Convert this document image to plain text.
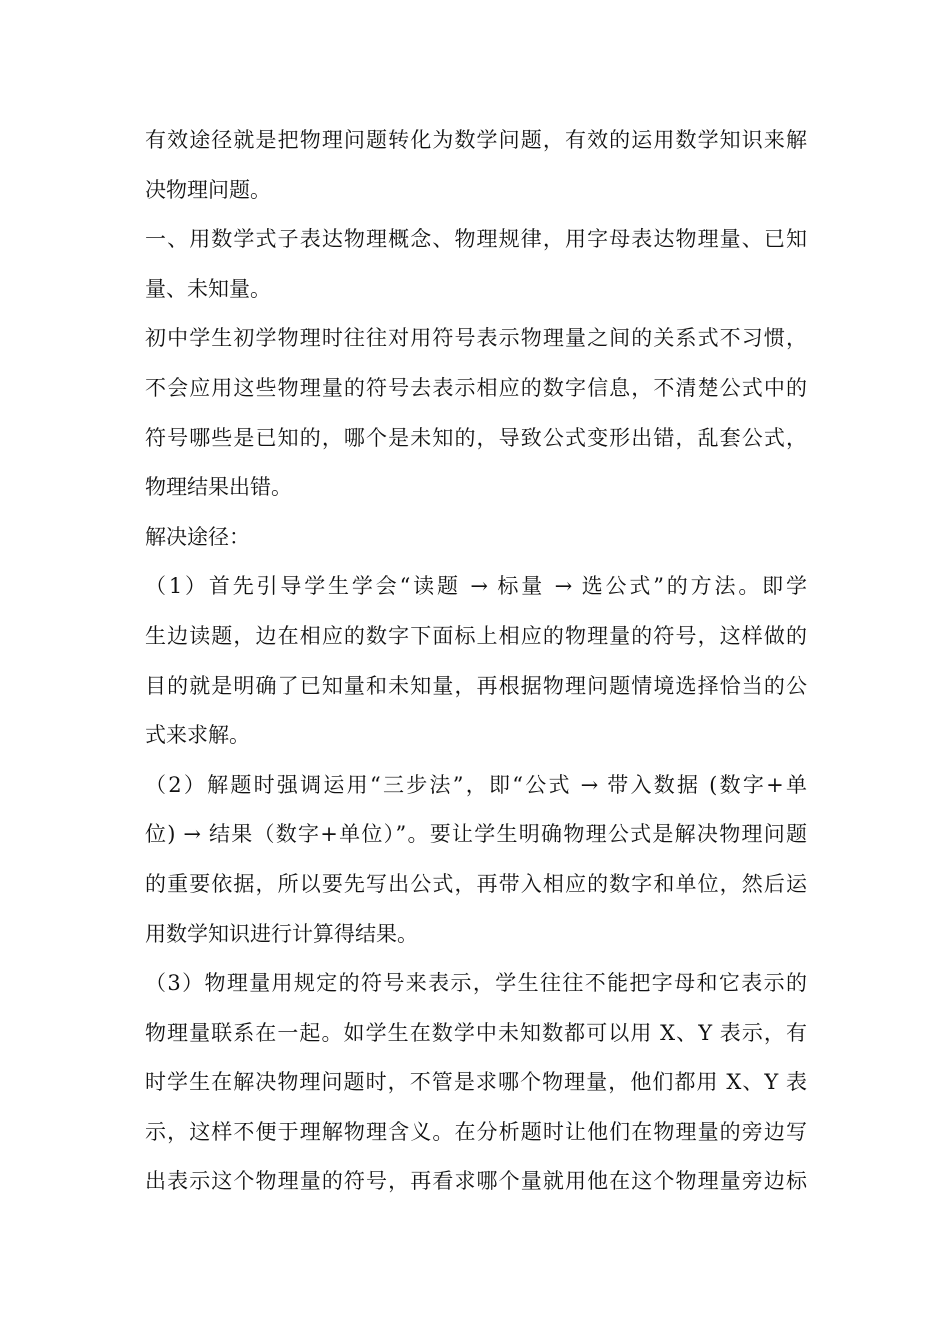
有效途径就是把物理问题转化为数学问题，有效的运用数学知识来解
决物理问题。
一、用数学式子表达物理概念、物理规律，用字母表达物理量、已知
量、未知量。
初中学生初学物理时往往对用符号表示物理量之间的关系式不习惯，
不会应用这些物理量的符号去表示相应的数字信息，不清楚公式中的
符号哪些是已知的，哪个是未知的，导致公式变形出错，乱套公式，
物理结果出错。
解决途径：
（1）首先引导学生学会“读题 → 标量 → 选公式”的方法。即学
生边读题，边在相应的数字下面标上相应的物理量的符号，这样做的
目的就是明确了已知量和未知量，再根据物理问题情境选择恰当的公
式来求解。
（2）解题时强调运用“三步法”，即“公式 → 带入数据 (数字+单
位) → 结果（数字+单位）”。要让学生明确物理公式是解决物理问题
的重要依据，所以要先写出公式，再带入相应的数字和单位，然后运
用数学知识进行计算得结果。
（3）物理量用规定的符号来表示，学生往往不能把字母和它表示的
物理量联系在一起。如学生在数学中未知数都可以用 X、Y 表示，有
时学生在解决物理问题时，不管是求哪个物理量，他们都用 X、Y 表
示，这样不便于理解物理含义。在分析题时让他们在物理量的旁边写
出表示这个物理量的符号，再看求哪个量就用他在这个物理量旁边标
